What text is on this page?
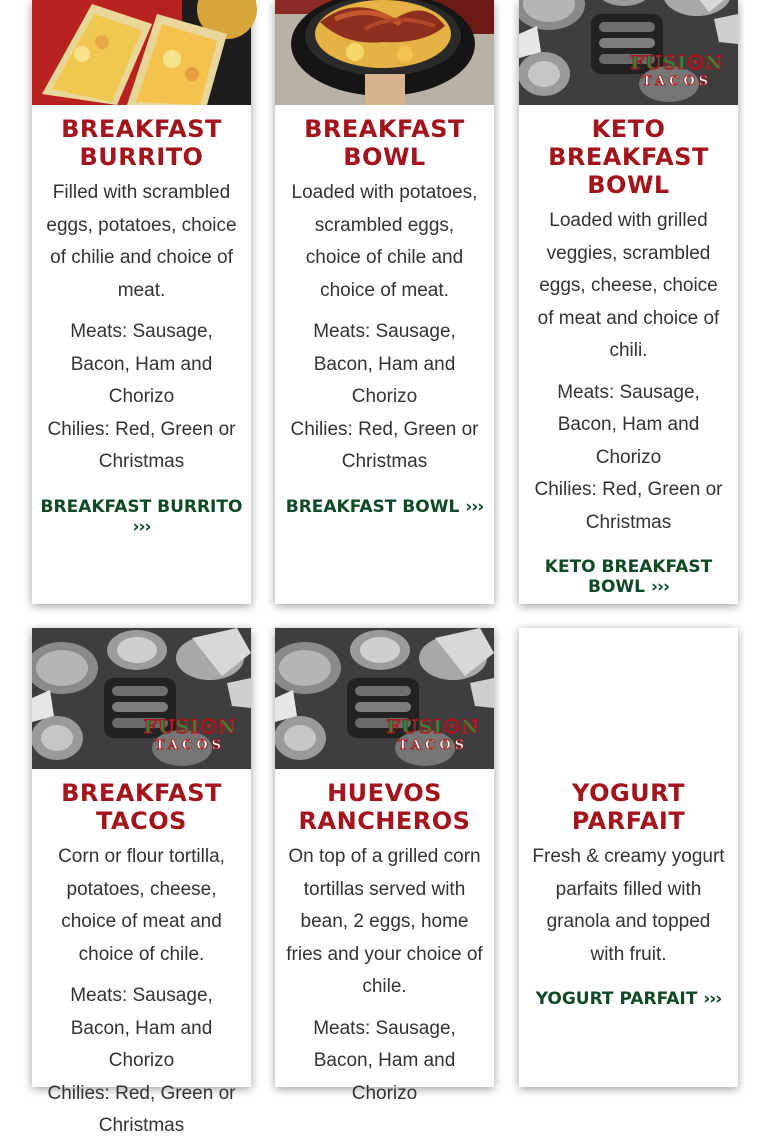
BREAKFAST BURRITO
Filled with scrambled eggs, potatoes, choice of chilie and choice of meat.
Meats: Sausage, Bacon, Ham and Chorizo
Chilies: Red, Green or Christmas
BREAKFAST BURRITO ›››
BREAKFAST BOWL
Loaded with potatoes, scrambled eggs, choice of chile and choice of meat.
Meats: Sausage, Bacon, Ham and Chorizo
Chilies: Red, Green or Christmas
BREAKFAST BOWL ›››
FUSI☉N
TACOS
KETO BREAKFAST BOWL
Loaded with grilled veggies, scrambled eggs, cheese, choice of meat and choice of chili.
Meats: Sausage, Bacon, Ham and Chorizo
Chilies: Red, Green or Christmas
KETO BREAKFAST BOWL ›››
FUSI☉N
TACOS
BREAKFAST TACOS
Corn or flour tortilla, potatoes, cheese, choice of meat and choice of chile.
Meats: Sausage, Bacon, Ham and Chorizo
Chilies: Red, Green or Christmas
FUSI☉N
TACOS
HUEVOS RANCHEROS
On top of a grilled corn tortillas served with bean, 2 eggs, home fries and your choice of chile.
Meats: Sausage, Bacon, Ham and Chorizo
YOGURT PARFAIT
Fresh & creamy yogurt parfaits filled with granola and topped with fruit.
YOGURT PARFAIT ›››
